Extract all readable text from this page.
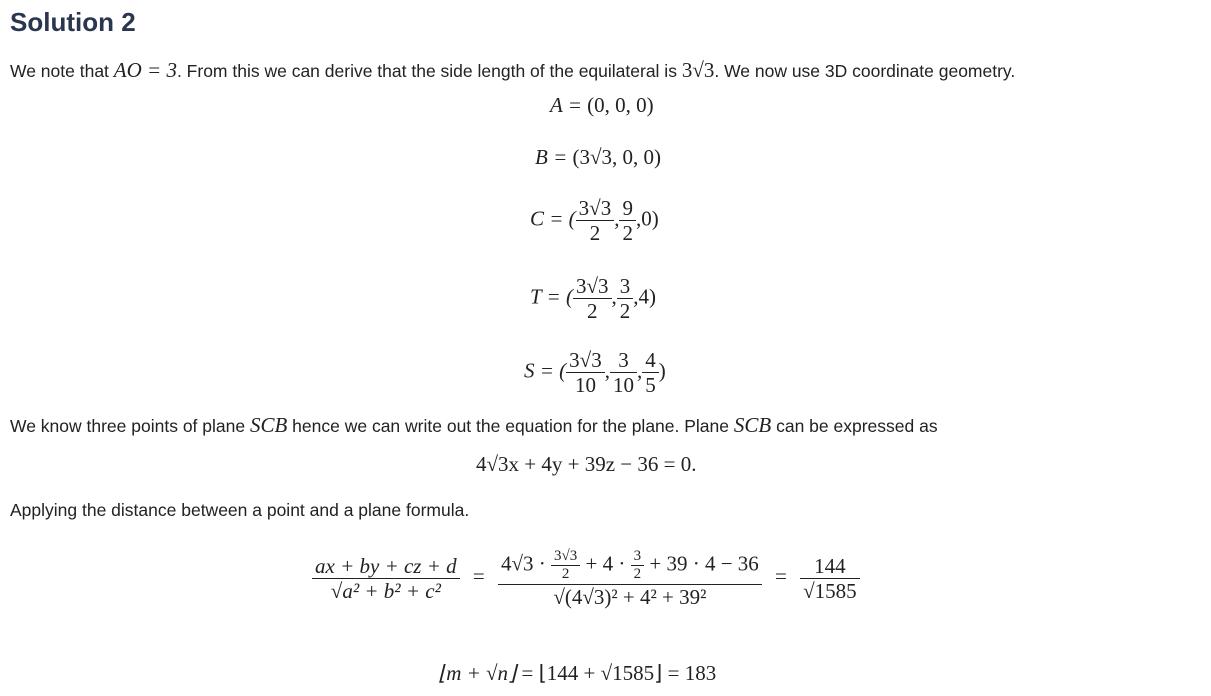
Solution 2
We note that AO = 3. From this we can derive that the side length of the equilateral is 3√3. We now use 3D coordinate geometry.
A = (0, 0, 0)
B = (3√3, 0, 0)
C = ( $\frac{3√3}{2}$ , $\frac{9}{2} ,0$)
T = ( $\frac{3√3}{2}$ , $\frac{3}{2} ,4$)
S = ( $\frac{3√3}{10}$ , $\frac{3}{10}$ , $\frac{4}{5}$ )
We know three points of plane SCB hence we can write out the equation for the plane. Plane SCB can be expressed as
4√3x + 4y + 39z − 36 = 0.
Applying the distance between a point and a plane formula.
$\frac{ax + by + cz + d}{\text{√a² + b² + c²}} = \frac{4√3 \cdot \frac{3√3}{2} + 4 \cdot \frac{3}{2} + 39 \cdot 4 - 36}{\text{√(4√3)² + 4² + 39²}} = \frac{144}{√1585}$
⌊m + √n⌋ = ⌊144 + √1585⌋ = 183
